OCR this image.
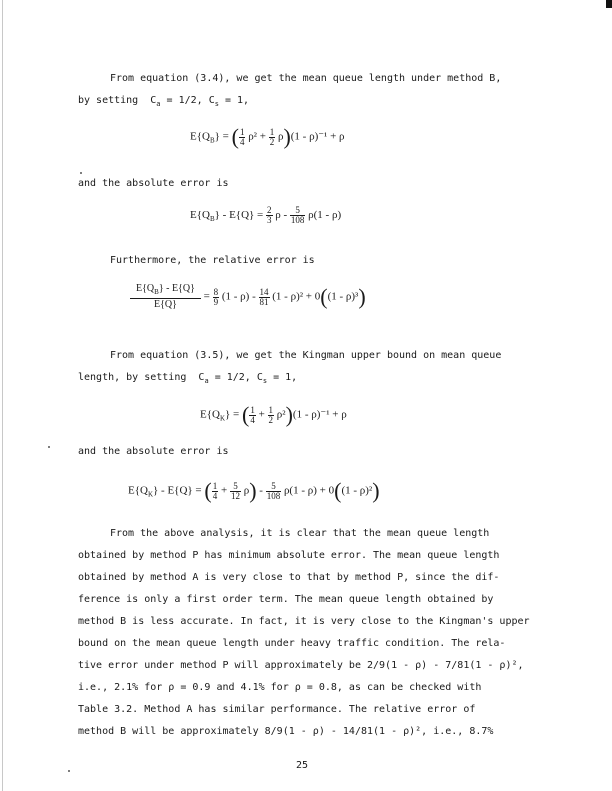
From equation (3.4), we get the mean queue length under method B,
by setting $C_a = 1/2$, $C_s = 1$,
$E\{Q_B\}$ = ( $\frac{1}{4} \rho^2 + \frac{1}{2} \rho)(1 - \rho)^{-1} + \rho$
and the absolute error is
$E\{Q_B\} - E\{Q\} = \frac{2}{3}$ ρ - $\frac{5}{108} \rho(1 - \rho)$
Furthermore, the relative error is
$\frac{E\{Q_B\} - E\{Q\}}{E\{Q\}} = \frac{8}{9} (1 - \rho) - \frac{14}{81} (1 - \rho)^2 + 0((1 - \rho)^3)$
From equation (3.5), we get the Kingman upper bound on mean queue
length, by setting $C_a = 1/2$, $C_s = 1$,
$E\{Q_K\}$ = ( $\frac{1}{4} + \frac{1}{2} \rho^2)(1 - \rho)^{-1} + \rho$
and the absolute error is
$E\{Q_K\} - E\{Q\}$ = ( $\frac{1}{4} + \frac{5}{12} \rho) - \frac{5}{108} \rho(1 - \rho) + 0((1 - \rho)^2)$
From the above analysis, it is clear that the mean queue length
obtained by method P has minimum absolute error. The mean queue length
obtained by method A is very close to that by method P, since the dif-
ference is only a first order term. The mean queue length obtained by
method B is less accurate. In fact, it is very close to the Kingman's upper
bound on the mean queue length under heavy traffic condition. The rela-
tive error under method P will approximately be 2/9(1 - ρ) - 7/81(1 - ρ)²,
i.e., 2.1% for ρ = 0.9 and 4.1% for ρ = 0.8, as can be checked with
Table 3.2. Method A has similar performance. The relative error of
method B will be approximately 8/9(1 - ρ) - 14/81(1 - ρ)², i.e., 8.7%
25
